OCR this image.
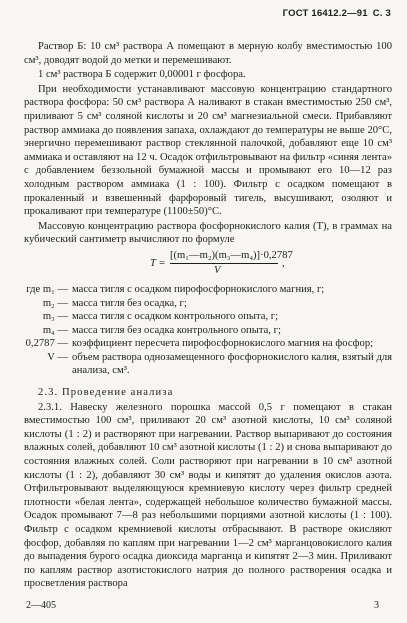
ГОСТ 16412.2—91 С. 3

Раствор Б: 10 см³ раствора А помещают в мерную колбу вместимостью 100 см³, доводят водой до метки и перемешивают.

1 см³ раствора Б содержит 0,00001 г фосфора.

При необходимости устанавливают массовую концентрацию стандартного раствора фосфора: 50 см³ раствора А наливают в стакан вместимостью 250 см³, приливают 5 см³ соляной кислоты и 20 см³ магнезиальной смеси. Прибавляют раствор аммиака до появления запаха, охлаждают до температуры не выше 20°С, энергично перемешивают раствор стеклянной палочкой, добавляют еще 10 см³ аммиака и оставляют на 12 ч. Осадок отфильтровывают на фильтр «синяя лента» с добавлением беззольной бумажной массы и промывают его 10—12 раз холодным раствором аммиака (1 : 100). Фильтр с осадком помещают в прокаленный и взвешенный фарфоровый тигель, высушивают, озоляют и прокаливают при температуре (1100±50)°С.

Массовую концентрацию раствора фосфорнокислого калия (T), в граммах на кубический сантиметр вычисляют по формуле

T =
[(m₁—m₂)(m₃—m₄)]·0,2787
V
,
где m₁ — масса тигля с осадком пирофосфорнокислого магния, г;
m₂ — масса тигля без осадка, г;
m₃ — масса тигля с осадком контрольного опыта, г;
m₄ — масса тигля без осадка контрольного опыта, г;
0,2787 — коэффициент пересчета пирофосфорнокислого магния на фосфор;
V — объем раствора однозамещенного фосфорнокислого калия, взятый для анализа, см³.

2.3. Проведение анализа

2.3.1. Навеску железного порошка массой 0,5 г помещают в стакан вместимостью 100 см³, приливают 20 см³ азотной кислоты, 10 см³ соляной кислоты (1 : 2) и растворяют при нагревании. Раствор выпаривают до состояния влажных солей, добавляют 10 см³ азотной кислоты (1 : 2) и снова выпаривают до состояния влажных солей. Соли растворяют при нагревании в 10 см³ азотной кислоты (1 : 2), добавляют 30 см³ воды и кипятят до удаления окислов азота. Отфильтровывают выделяющуюся кремниевую кислоту через фильтр средней плотности «белая лента», содержащей небольшое количество бумажной массы. Осадок промывают 7—8 раз небольшими порциями азотной кислоты (1 : 100). Фильтр с осадком кремниевой кислоты отбрасывают. В растворе окисляют фосфор, добавляя по каплям при нагревании 1—2 см³ марганцовокислого калия до выпадения бурого осадка диоксида марганца и кипятят 2—3 мин. Приливают по каплям раствор азотистокислого натрия до полного растворения осадка и просветления раствора

2—405	3
